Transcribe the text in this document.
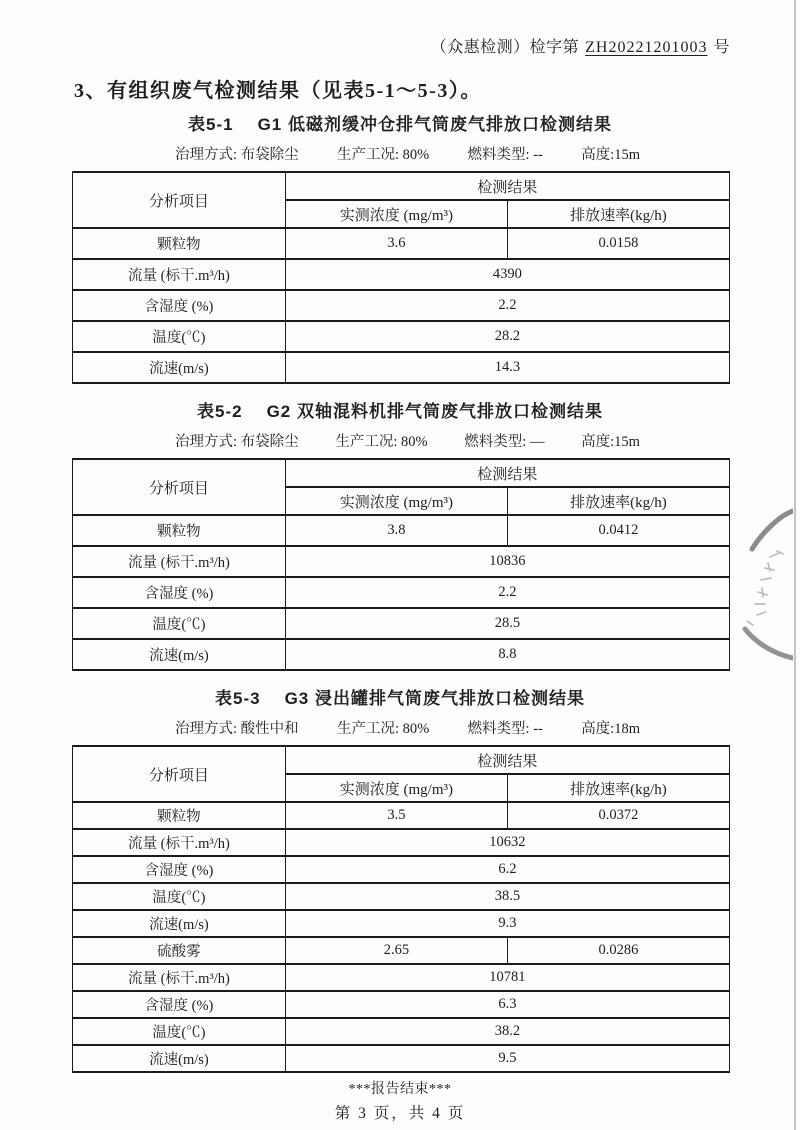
（众惠检测）检字第 ZH20221201003 号
3、有组织废气检测结果（见表5-1～5-3）。
表5-1 G1 低磁剂缓冲仓排气筒废气排放口检测结果
治理方式: 布袋除尘	生产工况: 80%	燃料类型: --	高度:15m
分析项目	检测结果	
	实测浓度 (mg/m³)	排放速率(kg/h)
颗粒物	3.6	0.0158
流量 (标干.m³/h)	4390	
含湿度 (%)	2.2	
温度(℃)	28.2	
流速(m/s)	14.3	
表5-2 G2 双轴混料机排气筒废气排放口检测结果
治理方式: 布袋除尘	生产工况: 80%	燃料类型: —	高度:15m
分析项目	检测结果	
	实测浓度 (mg/m³)	排放速率(kg/h)
颗粒物	3.8	0.0412
流量 (标干.m³/h)	10836	
含湿度 (%)	2.2	
温度(℃)	28.5	
流速(m/s)	8.8	
表5-3 G3 浸出罐排气筒废气排放口检测结果
治理方式: 酸性中和	生产工况: 80%	燃料类型: --	高度:18m
分析项目	检测结果	
	实测浓度 (mg/m³)	排放速率(kg/h)
颗粒物	3.5	0.0372
流量 (标干.m³/h)	10632	
含湿度 (%)	6.2	
温度(℃)	38.5	
流速(m/s)	9.3	
硫酸雾	2.65	0.0286
流量 (标干.m³/h)	10781	
含湿度 (%)	6.3	
温度(℃)	38.2	
流速(m/s)	9.5	
***报告结束***
第 3 页，共 4 页
